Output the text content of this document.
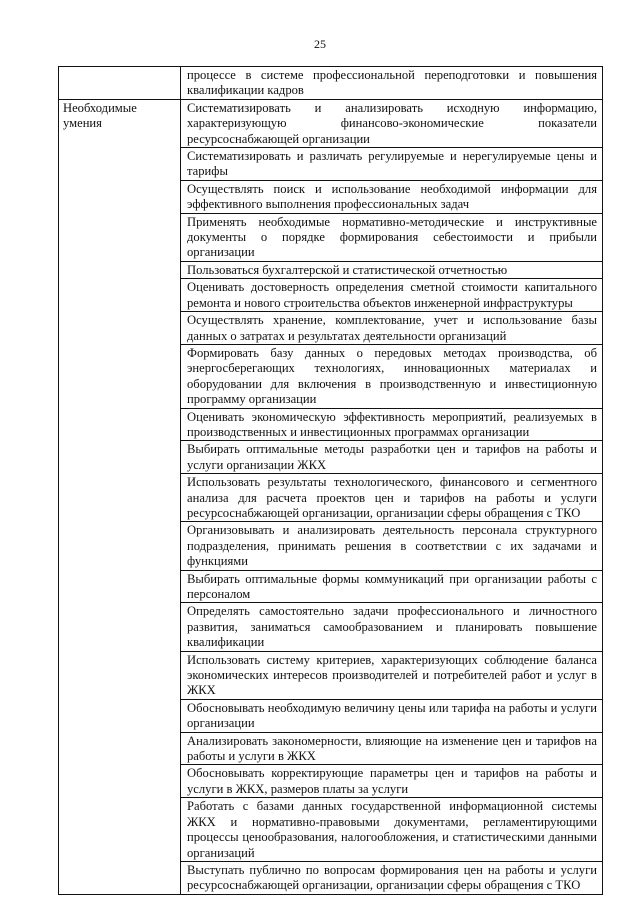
25
	процессе в системе профессиональной переподготовки и повышения квалификации кадров
Необходимые умения	Систематизировать и анализировать исходную информацию, характеризующую финансово-экономические показатели ресурсоснабжающей организации
	Систематизировать и различать регулируемые и нерегулируемые цены и тарифы
	Осуществлять поиск и использование необходимой информации для эффективного выполнения профессиональных задач
	Применять необходимые нормативно-методические и инструктивные документы о порядке формирования себестоимости и прибыли организации
	Пользоваться бухгалтерской и статистической отчетностью
	Оценивать достоверность определения сметной стоимости капитального ремонта и нового строительства объектов инженерной инфраструктуры
	Осуществлять хранение, комплектование, учет и использование базы данных о затратах и результатах деятельности организаций
	Формировать базу данных о передовых методах производства, об энергосберегающих технологиях, инновационных материалах и оборудовании для включения в производственную и инвестиционную программу организации
	Оценивать экономическую эффективность мероприятий, реализуемых в производственных и инвестиционных программах организации
	Выбирать оптимальные методы разработки цен и тарифов на работы и услуги организации ЖКХ
	Использовать результаты технологического, финансового и сегментного анализа для расчета проектов цен и тарифов на работы и услуги ресурсоснабжающей организации, организации сферы обращения с ТКО
	Организовывать и анализировать деятельность персонала структурного подразделения, принимать решения в соответствии с их задачами и функциями
	Выбирать оптимальные формы коммуникаций при организации работы с персоналом
	Определять самостоятельно задачи профессионального и личностного развития, заниматься самообразованием и планировать повышение квалификации
	Использовать систему критериев, характеризующих соблюдение баланса экономических интересов производителей и потребителей работ и услуг в ЖКХ
	Обосновывать необходимую величину цены или тарифа на работы и услуги организации
	Анализировать закономерности, влияющие на изменение цен и тарифов на работы и услуги в ЖКХ
	Обосновывать корректирующие параметры цен и тарифов на работы и услуги в ЖКХ, размеров платы за услуги
	Работать с базами данных государственной информационной системы ЖКХ и нормативно-правовыми документами, регламентирующими процессы ценообразования, налогообложения, и статистическими данными организаций
	Выступать публично по вопросам формирования цен на работы и услуги ресурсоснабжающей организации, организации сферы обращения с ТКО
